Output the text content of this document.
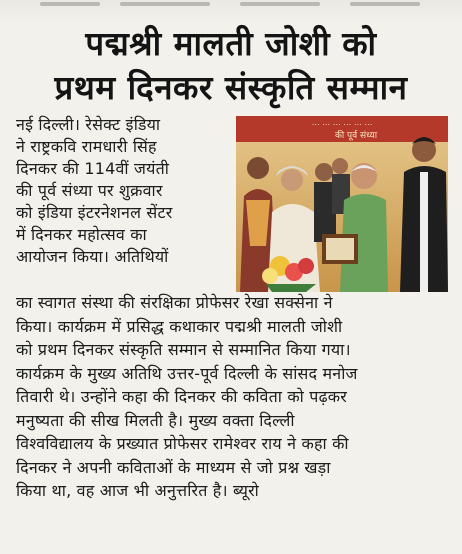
पद्मश्री मालती जोशी को
प्रथम दिनकर संस्कृति सम्मान

नई दिल्ली। रेसेक्ट इंडिया

ने राष्ट्रकवि रामधारी सिंह

दिनकर की 114वीं जयंती

की पूर्व संध्या पर शुक्रवार

को इंडिया इंटरनेशनल सेंटर

में दिनकर महोत्सव का

आयोजन किया। अतिथियों

⋯ ⋯ ⋯ ⋯ ⋯ ⋯
की पूर्व संध्या

का स्वागत संस्था की संरक्षिका प्रोफेसर रेखा सक्सेना ने

किया। कार्यक्रम में प्रसिद्ध कथाकार पद्मश्री मालती जोशी

को प्रथम दिनकर संस्कृति सम्मान से सम्मानित किया गया।

कार्यक्रम के मुख्य अतिथि उत्तर-पूर्व दिल्ली के सांसद मनोज

तिवारी थे। उन्होंने कहा की दिनकर की कविता को पढ़कर

मनुष्यता की सीख मिलती है। मुख्य वक्ता दिल्ली

विश्वविद्यालय के प्रख्यात प्रोफेसर रामेश्वर राय ने कहा की

दिनकर ने अपनी कविताओं के माध्यम से जो प्रश्न खड़ा

किया था, वह आज भी अनुत्तरित है। ब्यूरो
